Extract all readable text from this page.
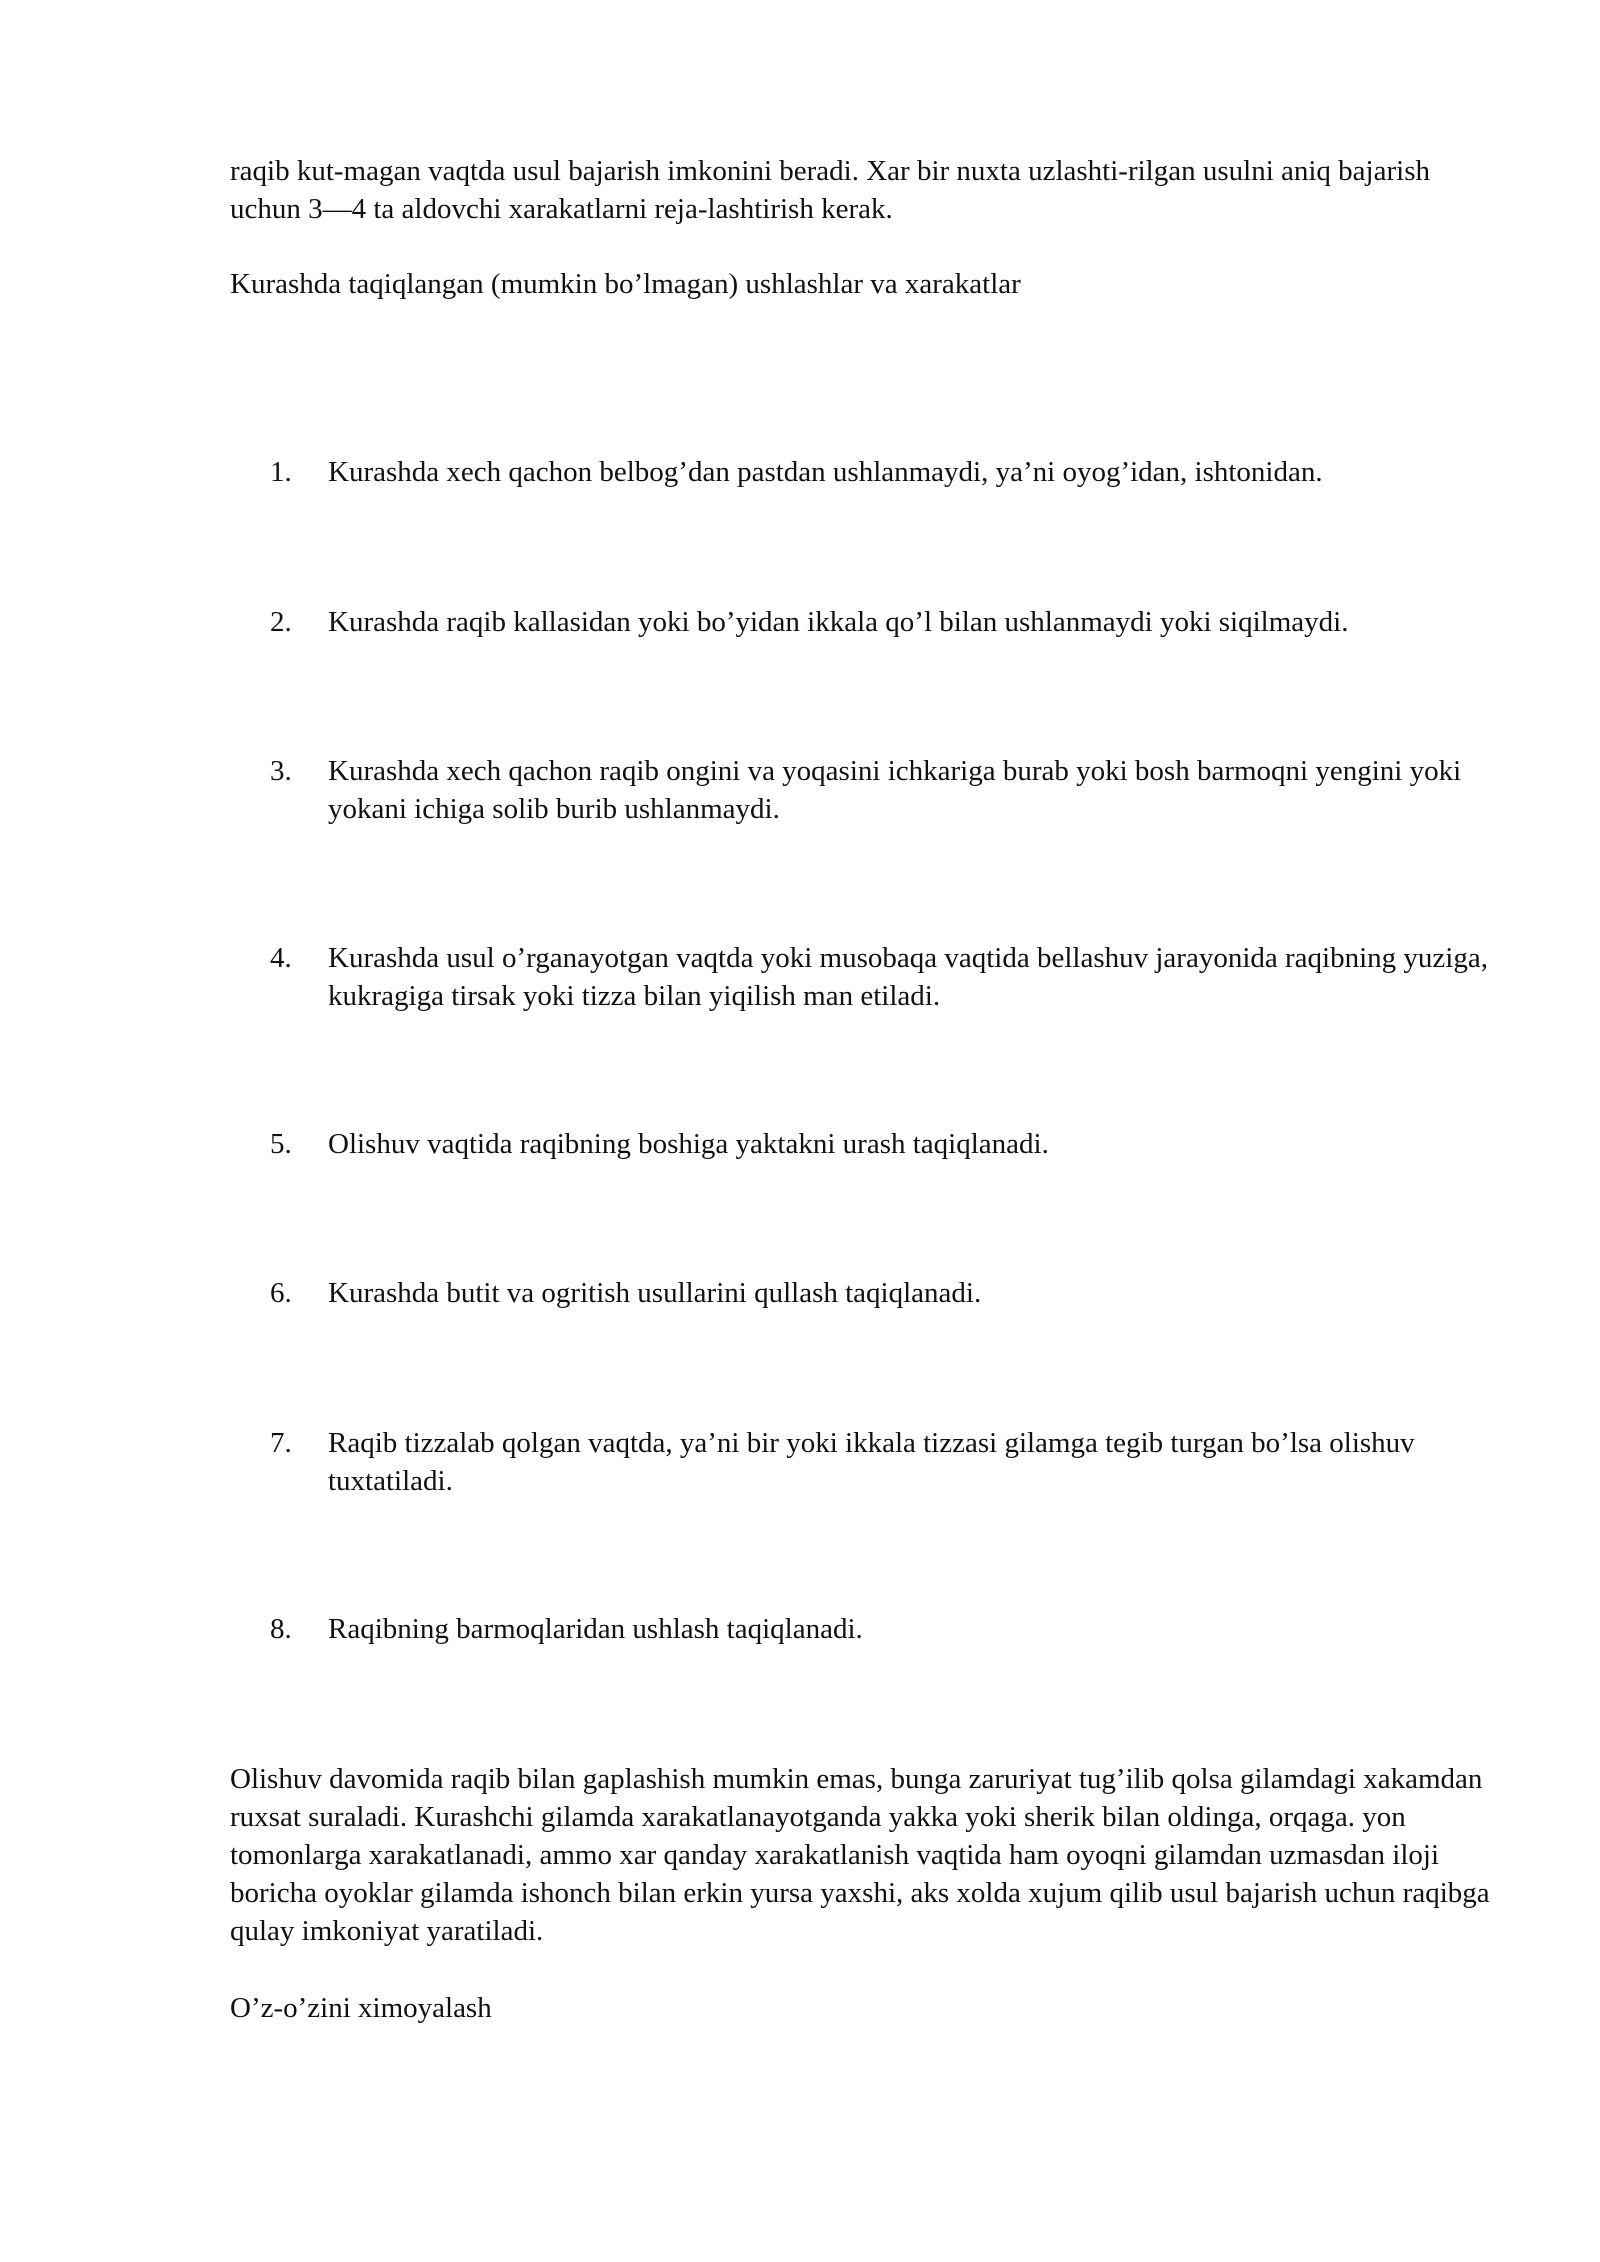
raqib kut-magan vaqtda usul bajarish imkonini beradi. Xar bir nuxta uzlashti-rilgan usulni aniq bajarish uchun 3—4 ta aldovchi xarakatlarni reja-lashtirish kerak.

Kurashda taqiqlangan (mumkin bo’lmagan) ushlashlar va xarakatlar

1.	Kurashda xech qachon belbog’dan pastdan ushlanmaydi, ya’ni oyog’idan, ishtonidan.
2.	Kurashda raqib kallasidan yoki bo’yidan ikkala qo’l bilan ushlanmaydi yoki siqilmaydi.
3.	Kurashda xech qachon raqib ongini va yoqasini ichkariga burab yoki bosh barmoqni yengini yoki yokani ichiga solib burib ushlanmaydi.
4.	Kurashda usul o’rganayotgan vaqtda yoki musobaqa vaqtida bellashuv jarayonida raqibning yuziga, kukragiga tirsak yoki tizza bilan yiqilish man etiladi.
5.	Olishuv vaqtida raqibning boshiga yaktakni urash taqiqlanadi.
6.	Kurashda butit va ogritish usullarini qullash taqiqlanadi.
7.	Raqib tizzalab qolgan vaqtda, ya’ni bir yoki ikkala tizzasi gilamga tegib turgan bo’lsa olishuv tuxtatiladi.
8.	Raqibning barmoqlaridan ushlash taqiqlanadi.

Olishuv davomida raqib bilan gaplashish mumkin emas, bunga zaruriyat tug’ilib qolsa gilamdagi xakamdan ruxsat suraladi. Kurashchi gilamda xarakatlanayotganda yakka yoki sherik bilan oldinga, orqaga. yon tomonlarga xarakatlanadi, ammo xar qanday xarakatlanish vaqtida ham oyoqni gilamdan uzmasdan iloji boricha oyoklar gilamda ishonch bilan erkin yursa yaxshi, aks xolda xujum qilib usul bajarish uchun raqibga qulay imkoniyat yaratiladi.

O’z-o’zini ximoyalash
